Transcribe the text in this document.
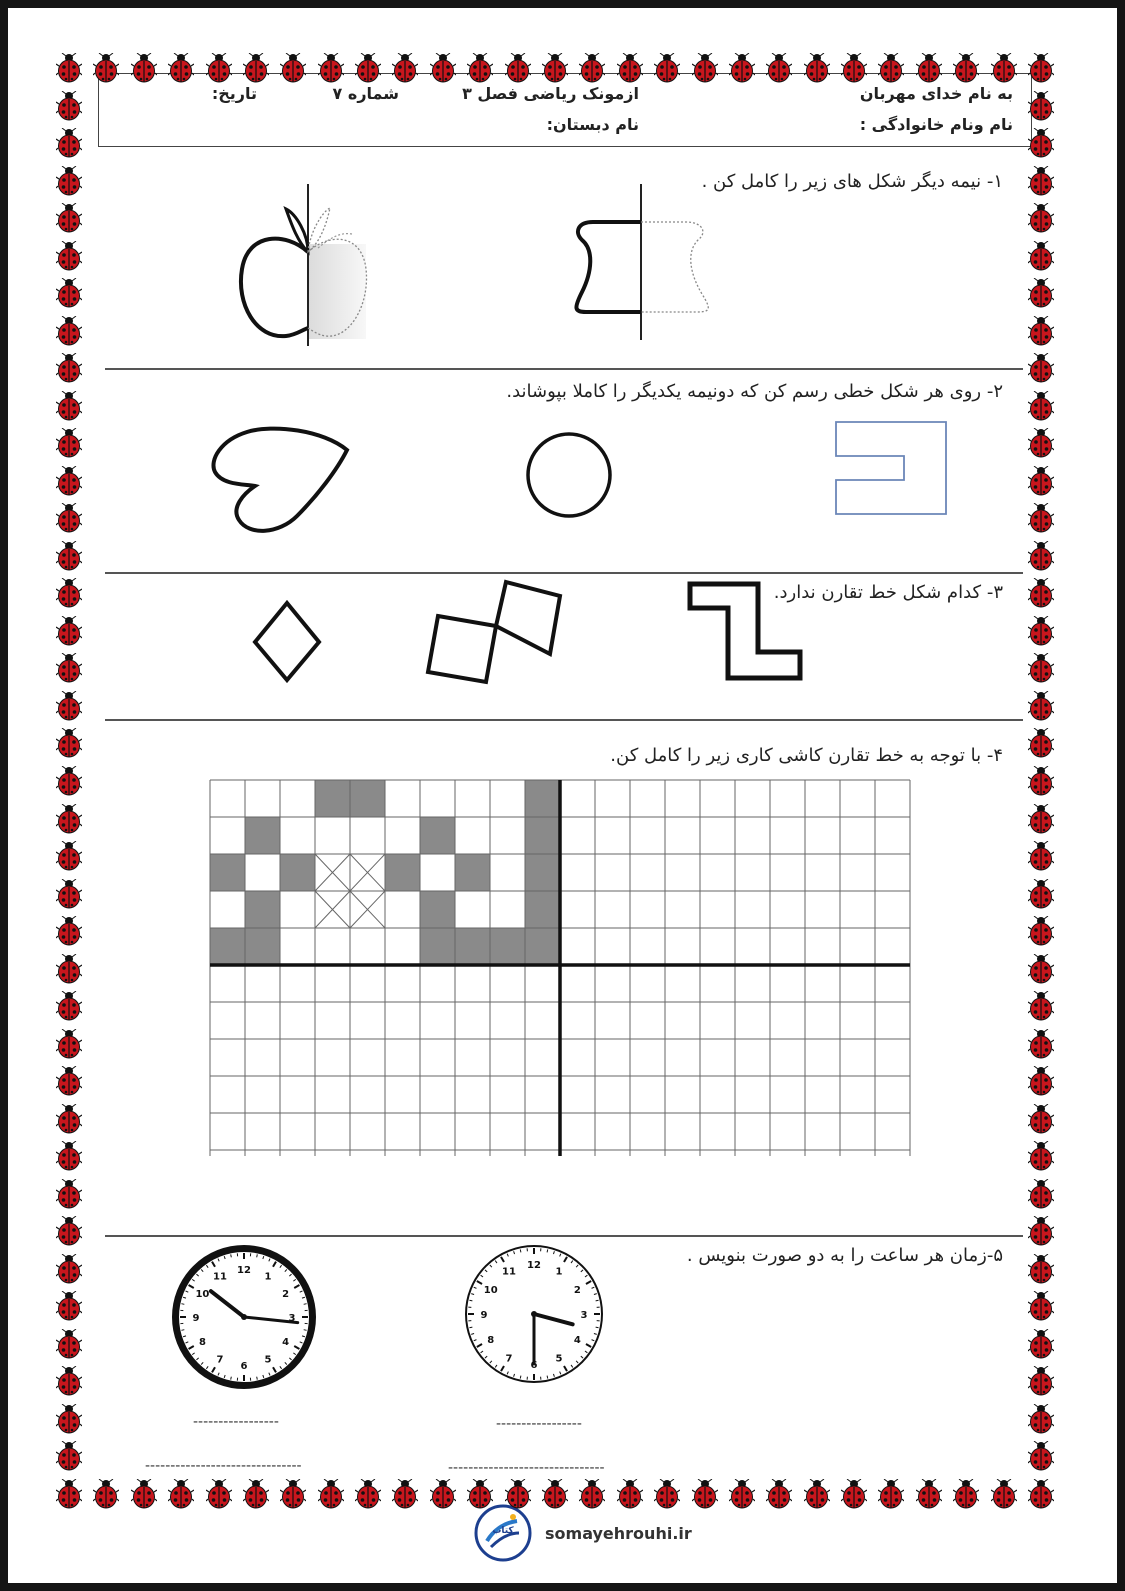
به نام خدای مهربان
نام ونام خانوادگی :
ازمونک ریاضی فصل ۳
شماره ۷
تاریخ:
نام دبستان:
۱- نیمه دیگر شکل های زیر را کامل کن .
۲- روی هر شکل خطی رسم کن که دونیمه یکدیگر را کاملا بپوشاند.
۳- کدام شکل خط تقارن ندارد.
۴- با توجه به خط تقارن کاشی کاری زیر را کامل کن.
۵-زمان هر ساعت را به دو صورت بنویس .
12
1
2
3
4
5
6
7
8
9
10
11
12
1
2
3
4
5
6
7
8
9
10
11
-----------------
-------------------------------
-----------------
-------------------------------
کتاب somayehrouhi.ir
